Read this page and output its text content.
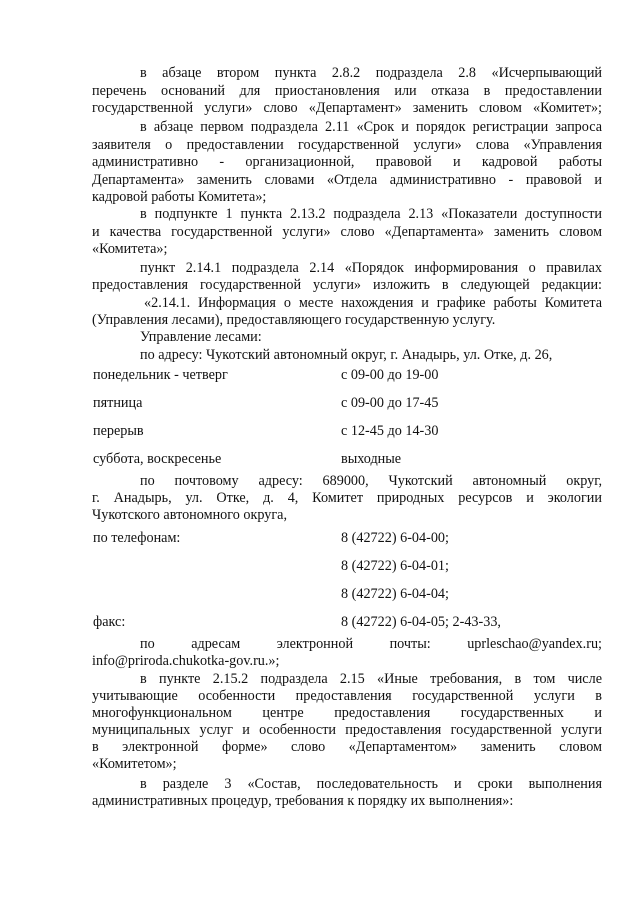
в абзаце втором пункта 2.8.2 подраздела 2.8 «Исчерпывающий
перечень оснований для приостановления или отказа в предоставлении
государственной услуги» слово «Департамент» заменить словом «Комитет»;
в абзаце первом подраздела 2.11 «Срок и порядок регистрации запроса
заявителя о предоставлении государственной услуги» слова «Управления
административно - организационной, правовой и кадровой работы
Департамента» заменить словами «Отдела административно - правовой и
кадровой работы Комитета»;
в подпункте 1 пункта 2.13.2 подраздела 2.13 «Показатели доступности
и качества государственной услуги» слово «Департамента» заменить словом
«Комитета»;
пункт 2.14.1 подраздела 2.14 «Порядок информирования о правилах
предоставления государственной услуги» изложить в следующей редакции:
«2.14.1. Информация о месте нахождения и графике работы Комитета
(Управления лесами), предоставляющего государственную услугу.
Управление лесами:
по адресу: Чукотский автономный округ, г. Анадырь, ул. Отке, д. 26,
понедельник - четверг	с 09-00 до 19-00
пятница	с 09-00 до 17-45
перерыв	с 12-45 до 14-30
суббота, воскресенье	выходные
по почтовому адресу: 689000, Чукотский автономный округ,
г. Анадырь, ул. Отке, д. 4, Комитет природных ресурсов и экологии
Чукотского автономного округа,
по телефонам:	8 (42722) 6-04-00;
8 (42722) 6-04-01;
8 (42722) 6-04-04;
факс:	8 (42722) 6-04-05; 2-43-33,
по адресам электронной почты: uprleschao@yandex.ru;
info@priroda.chukotka-gov.ru.»;
в пункте 2.15.2 подраздела 2.15 «Иные требования, в том числе
учитывающие особенности предоставления государственной услуги в
многофункциональном центре предоставления государственных и
муниципальных услуг и особенности предоставления государственной услуги
в электронной форме» слово «Департаментом» заменить словом
«Комитетом»;
в разделе 3 «Состав, последовательность и сроки выполнения
административных процедур, требования к порядку их выполнения»:
